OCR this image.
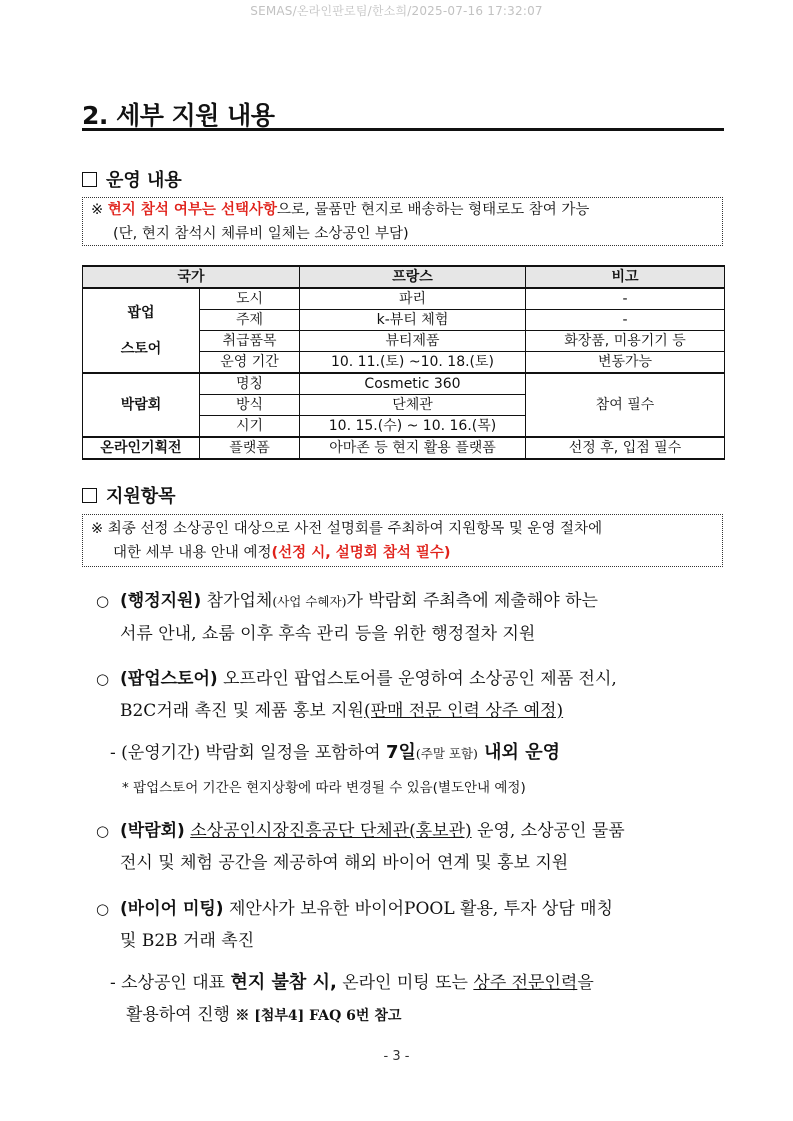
SEMAS/온라인판로팀/한소희/2025-07-16 17:32:07
2. 세부 지원 내용
운영 내용
※ 현지 참석 여부는 선택사항으로, 물품만 현지로 배송하는 형태로도 참여 가능
(단, 현지 참석시 체류비 일체는 소상공인 부담)
국가		프랑스	비고
팝업

스토어	도시	파리	-
	주제	k-뷰티 체험	-
	취급품목	뷰티제품	화장품, 미용기기 등
	운영 기간	10. 11.(토) ~10. 18.(토)	변동가능
박람회	명칭	Cosmetic 360	참여 필수
	방식	단체관	
	시기	10. 15.(수) ~ 10. 16.(목)	
온라인기획전	플랫폼	아마존 등 현지 활용 플랫폼	선정 후, 입점 필수
지원항목
※ 최종 선정 소상공인 대상으로 사전 설명회를 주최하여 지원항목 및 운영 절차에
대한 세부 내용 안내 예정(선정 시, 설명회 참석 필수)
○ (행정지원) 참가업체(사업 수혜자)가 박람회 주최측에 제출해야 하는
서류 안내, 쇼룸 이후 후속 관리 등을 위한 행정절차 지원
○ (팝업스토어) 오프라인 팝업스토어를 운영하여 소상공인 제품 전시,
B2C거래 촉진 및 제품 홍보 지원(판매 전문 인력 상주 예정)
- (운영기간) 박람회 일정을 포함하여 7일(주말 포함) 내외 운영
* 팝업스토어 기간은 현지상황에 따라 변경될 수 있음(별도안내 예정)
○ (박람회) 소상공인시장진흥공단 단체관(홍보관) 운영, 소상공인 물품
전시 및 체험 공간을 제공하여 해외 바이어 연계 및 홍보 지원
○ (바이어 미팅) 제안사가 보유한 바이어POOL 활용, 투자 상담 매칭
및 B2B 거래 촉진
- 소상공인 대표 현지 불참 시, 온라인 미팅 또는 상주 전문인력을
활용하여 진행 ※ [첨부4] FAQ 6번 참고
- 3 -
